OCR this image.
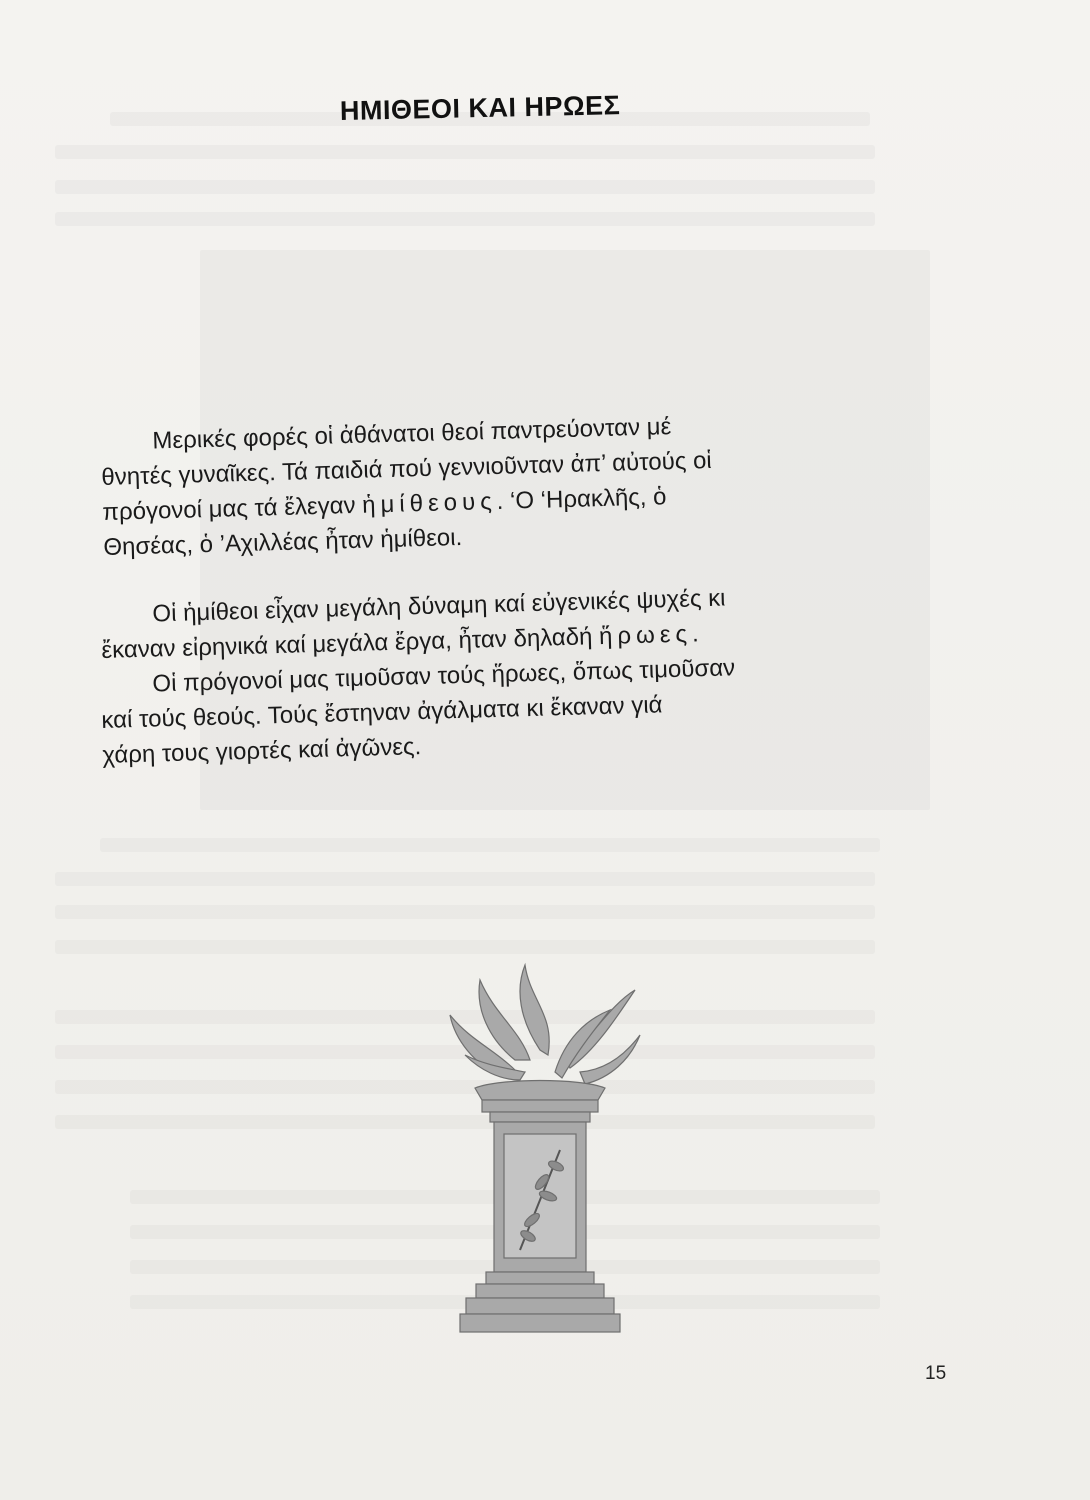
ΗΜΙΘΕΟΙ ΚΑΙ ΗΡΩΕΣ

Μερικές φορές οἱ ἀθάνατοι θεοί παντρεύονταν μέ
θνητές γυναῖκες. Τά παιδιά πού γεννιοῦνταν ἀπ’ αὐτούς οἱ
πρόγονοί μας τά ἔλεγαν ἡμίθεους. ‘Ο ‘Ηρακλῆς, ὁ
Θησέας, ὁ ’Αχιλλέας ἦταν ἡμίθεοι.

Οἱ ἡμίθεοι εἶχαν μεγάλη δύναμη καί εὐγενικές ψυχές κι
ἔκαναν εἰρηνικά καί μεγάλα ἔργα, ἦταν δηλαδή ἥρωες.

Οἱ πρόγονοί μας τιμοῦσαν τούς ἥρωες, ὅπως τιμοῦσαν
καί τούς θεούς. Τούς ἔστηναν ἀγάλματα κι ἔκαναν γιά
χάρη τους γιορτές καί ἀγῶνες.

15
